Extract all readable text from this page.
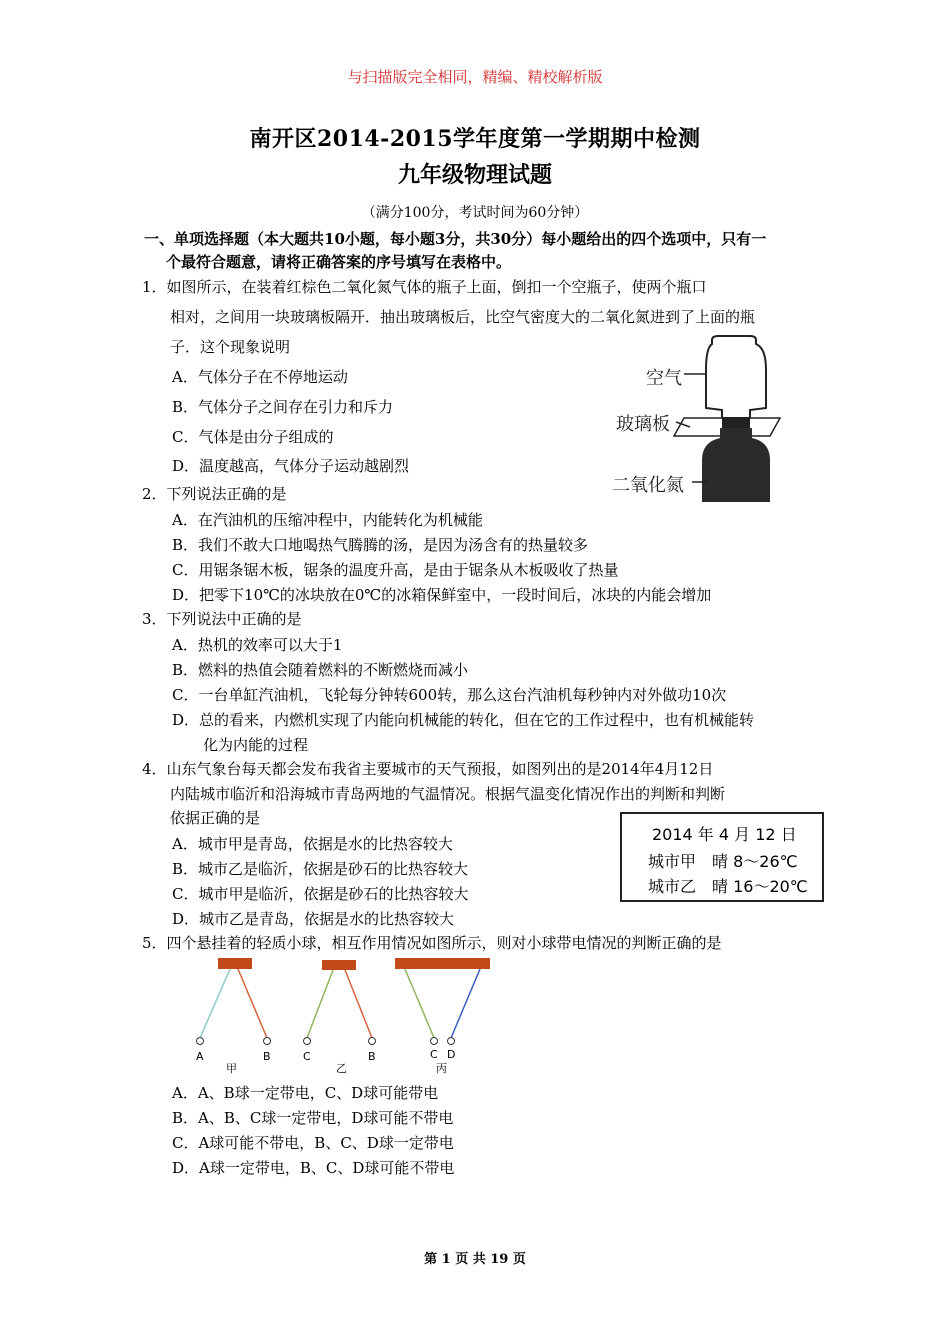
与扫描版完全相同，精编、精校解析版
南开区2014-2015学年度第一学期期中检测
九年级物理试题
（满分100分，考试时间为60分钟）
一、单项选择题（本大题共10小题，每小题3分，共30分）每小题给出的四个选项中，只有一
个最符合题意，请将正确答案的序号填写在表格中。
1．如图所示，在装着红棕色二氧化氮气体的瓶子上面，倒扣一个空瓶子，使两个瓶口
相对，之间用一块玻璃板隔开．抽出玻璃板后，比空气密度大的二氧化氮进到了上面的瓶
子．这个现象说明
A．气体分子在不停地运动
B．气体分子之间存在引力和斥力
C．气体是由分子组成的
D．温度越高，气体分子运动越剧烈
空气
玻璃板
二氧化氮
2．下列说法正确的是
A．在汽油机的压缩冲程中，内能转化为机械能
B．我们不敢大口地喝热气腾腾的汤，是因为汤含有的热量较多
C．用锯条锯木板，锯条的温度升高，是由于锯条从木板吸收了热量
D．把零下10℃的冰块放在0℃的冰箱保鲜室中，一段时间后，冰块的内能会增加
3．下列说法中正确的是
A．热机的效率可以大于1
B．燃料的热值会随着燃料的不断燃烧而减小
C．一台单缸汽油机，飞轮每分钟转600转，那么这台汽油机每秒钟内对外做功10次
D．总的看来，内燃机实现了内能向机械能的转化，但在它的工作过程中，也有机械能转
化为内能的过程
4．山东气象台每天都会发布我省主要城市的天气预报，如图列出的是2014年4月12日
内陆城市临沂和沿海城市青岛两地的气温情况。根据气温变化情况作出的判断和判断
依据正确的是
A．城市甲是青岛，依据是水的比热容较大
B．城市乙是临沂，依据是砂石的比热容较大
C．城市甲是临沂，依据是砂石的比热容较大
D．城市乙是青岛，依据是水的比热容较大
2014 年 4 月 12 日
城市甲　晴 8～26℃
城市乙　晴 16～20℃
5．四个悬挂着的轻质小球，相互作用情况如图所示，则对小球带电情况的判断正确的是
A	B
甲
C	B
乙
C D
丙
A．A、B球一定带电，C、D球可能带电
B．A、B、C球一定带电，D球可能不带电
C．A球可能不带电，B、C、D球一定带电
D．A球一定带电，B、C、D球可能不带电
第 1 页 共 19 页
